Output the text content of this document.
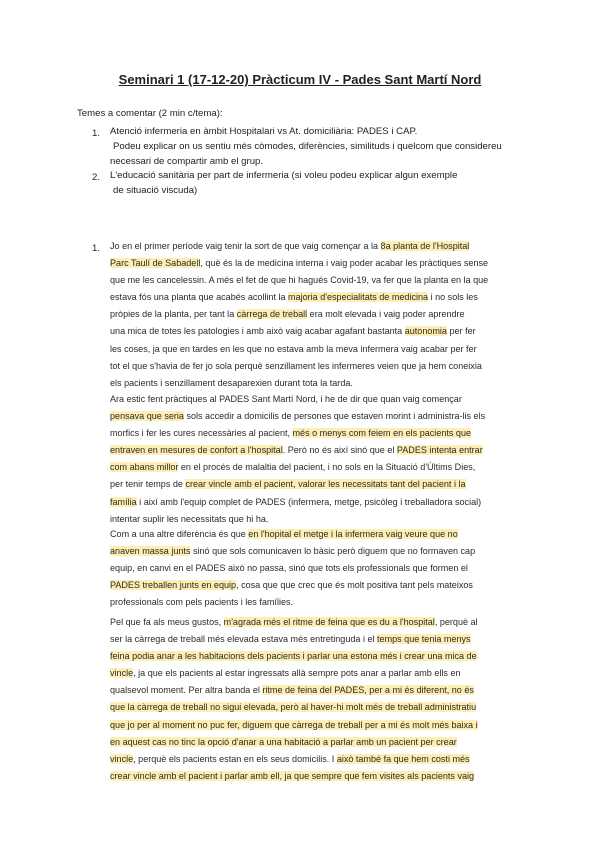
Seminari 1 (17-12-20) Pràcticum IV - Pades Sant Martí Nord
Temes a comentar (2 min c/tema):
1. Atenció infermeria en àmbit Hospitalari vs At. domiciliària: PADES i CAP.
Podeu explicar on us sentiu més còmodes, diferències, similituds i quelcom que considereu
necessari de compartir amb el grup.
2. L'educació sanitària per part de infermeria (si voleu podeu explicar algun exemple
de situació viscuda)
1. Jo en el primer període vaig tenir la sort de que vaig començar a la 8a planta de l'Hospital
Parc Taulí de Sabadell, què és la de medicina interna i vaig poder acabar les pràctiques sense
que me les cancelessin. A més el fet de que hi hagués Covid-19, va fer que la planta en la que
estava fós una planta que acabés acollint la majoria d'especialitats de medicina i no sols les
pròpies de la planta, per tant la càrrega de treball era molt elevada i vaig poder aprendre
una mica de totes les patologies i amb això vaig acabar agafant bastanta autonomia per fer
les coses, ja que en tardes en les que no estava amb la meva infermera vaig acabar per fer
tot el que s'havia de fer jo sola perquè senzillament les infermeres veien que ja hem coneixia
els pacients i senzillament desaparexien durant tota la tarda.
Ara estic fent pràctiques al PADES Sant Martí Nord, i he de dir que quan vaig començar
pensava que seria sols accedir a domicilis de persones que estaven morint i administra-lis els
morfics i fer les cures necessàries al pacient, més o menys com feiem en els pacients que
entraven en mesures de confort a l'hospital. Però no és així sinó que el PADES intenta entrar
com abans millor en el procés de malaltia del pacient, i no sols en la Situació d'Últims Dies,
per tenir temps de crear vincle amb el pacient, valorar les necessitats tant del pacient i la
família i així amb l'equip complet de PADES (infermera, metge, psicòleg i treballadora social)
intentar suplir les necessitats que hi ha.
Com a una altre diferència és que en l'hopital el metge i la infermera vaig veure que no
anaven massa junts sinó que sols comunicaven lo bàsic però diguem que no formaven cap
equip, en canvi en el PADES això no passa, sinó que tots els professionals que formen el
PADES treballen junts en equip, cosa que que crec que és molt positiva tant pels mateixos
professionals com pels pacients i les famílies.
Pel que fa als meus gustos, m'agrada més el ritme de feina que es du a l'hospital, perquè al
ser la càrrega de treball més elevada estava més entretinguda i el temps que tenia menys
feina podia anar a les habitacions dels pacients i parlar una estona més i crear una mica de
vincle, ja que els pacients al estar ingressats allà sempre pots anar a parlar amb ells en
qualsevol moment. Per altra banda el ritme de feina del PADES, per a mi és diferent, no és
que la càrrega de treball no sigui elevada, però al haver-hi molt més de treball administratiu
que jo per al moment no puc fer, diguem que càrrega de treball per a mi és molt més baixa i
en aquest cas no tinc la opció d'anar a una habitació a parlar amb un pacient per crear
vincle, perquè els pacients estan en els seus domicilis. I això també fa que hem costi més
crear vincle amb el pacient i parlar amb ell, ja que sempre que fem visites als pacients vaig
